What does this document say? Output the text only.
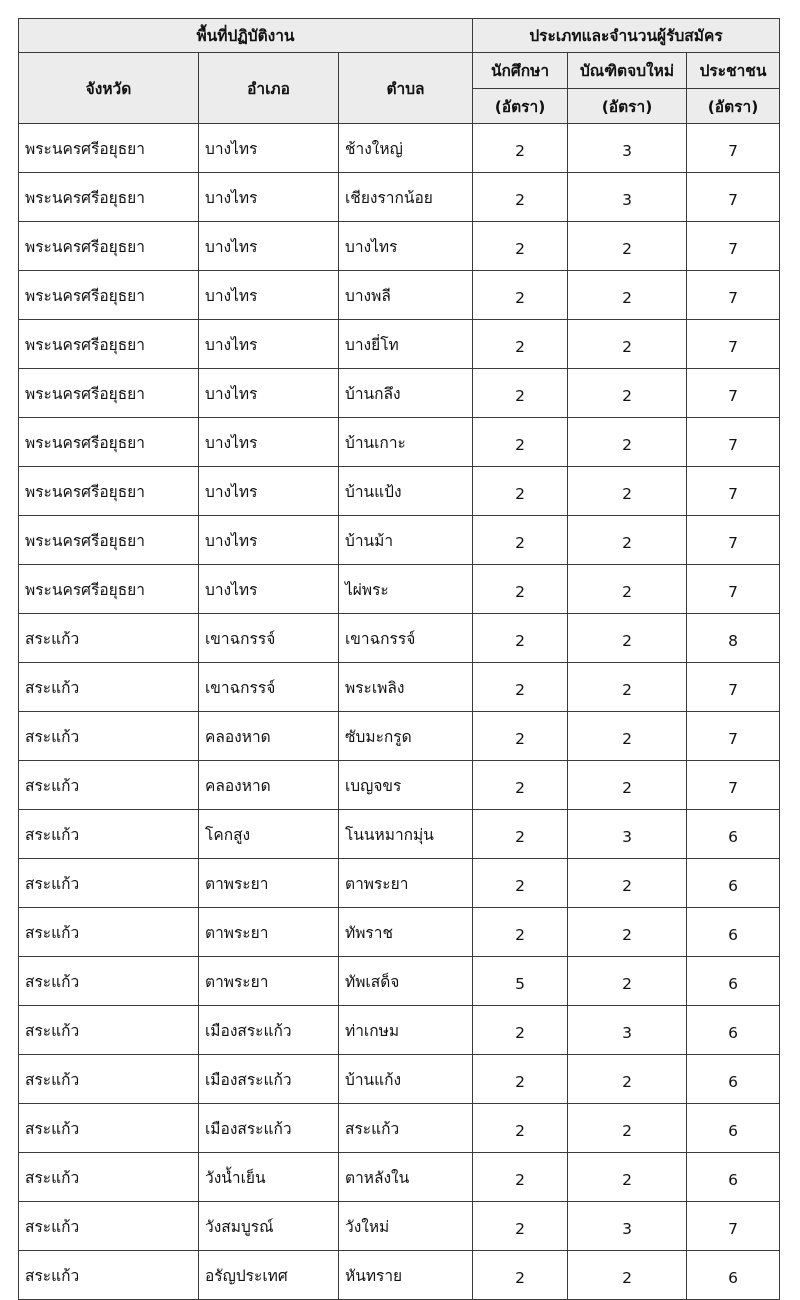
พื้นที่ปฏิบัติงาน			ประเภทและจำนวนผู้รับสมัคร		
จังหวัด	อำเภอ	ตำบล	นักศึกษา	บัณฑิตจบใหม่	ประชาชน
			(อัตรา)	(อัตรา)	(อัตรา)
พระนครศรีอยุธยา	บางไทร	ช้างใหญ่	2	3	7
พระนครศรีอยุธยา	บางไทร	เชียงรากน้อย	2	3	7
พระนครศรีอยุธยา	บางไทร	บางไทร	2	2	7
พระนครศรีอยุธยา	บางไทร	บางพลี	2	2	7
พระนครศรีอยุธยา	บางไทร	บางยี่โท	2	2	7
พระนครศรีอยุธยา	บางไทร	บ้านกลึง	2	2	7
พระนครศรีอยุธยา	บางไทร	บ้านเกาะ	2	2	7
พระนครศรีอยุธยา	บางไทร	บ้านแป้ง	2	2	7
พระนครศรีอยุธยา	บางไทร	บ้านม้า	2	2	7
พระนครศรีอยุธยา	บางไทร	ไผ่พระ	2	2	7
สระแก้ว	เขาฉกรรจ์	เขาฉกรรจ์	2	2	8
สระแก้ว	เขาฉกรรจ์	พระเพลิง	2	2	7
สระแก้ว	คลองหาด	ซับมะกรูด	2	2	7
สระแก้ว	คลองหาด	เบญจขร	2	2	7
สระแก้ว	โคกสูง	โนนหมากมุ่น	2	3	6
สระแก้ว	ตาพระยา	ตาพระยา	2	2	6
สระแก้ว	ตาพระยา	ทัพราช	2	2	6
สระแก้ว	ตาพระยา	ทัพเสด็จ	5	2	6
สระแก้ว	เมืองสระแก้ว	ท่าเกษม	2	3	6
สระแก้ว	เมืองสระแก้ว	บ้านแก้ง	2	2	6
สระแก้ว	เมืองสระแก้ว	สระแก้ว	2	2	6
สระแก้ว	วังน้ำเย็น	ตาหลังใน	2	2	6
สระแก้ว	วังสมบูรณ์	วังใหม่	2	3	7
สระแก้ว	อรัญประเทศ	หันทราย	2	2	6
